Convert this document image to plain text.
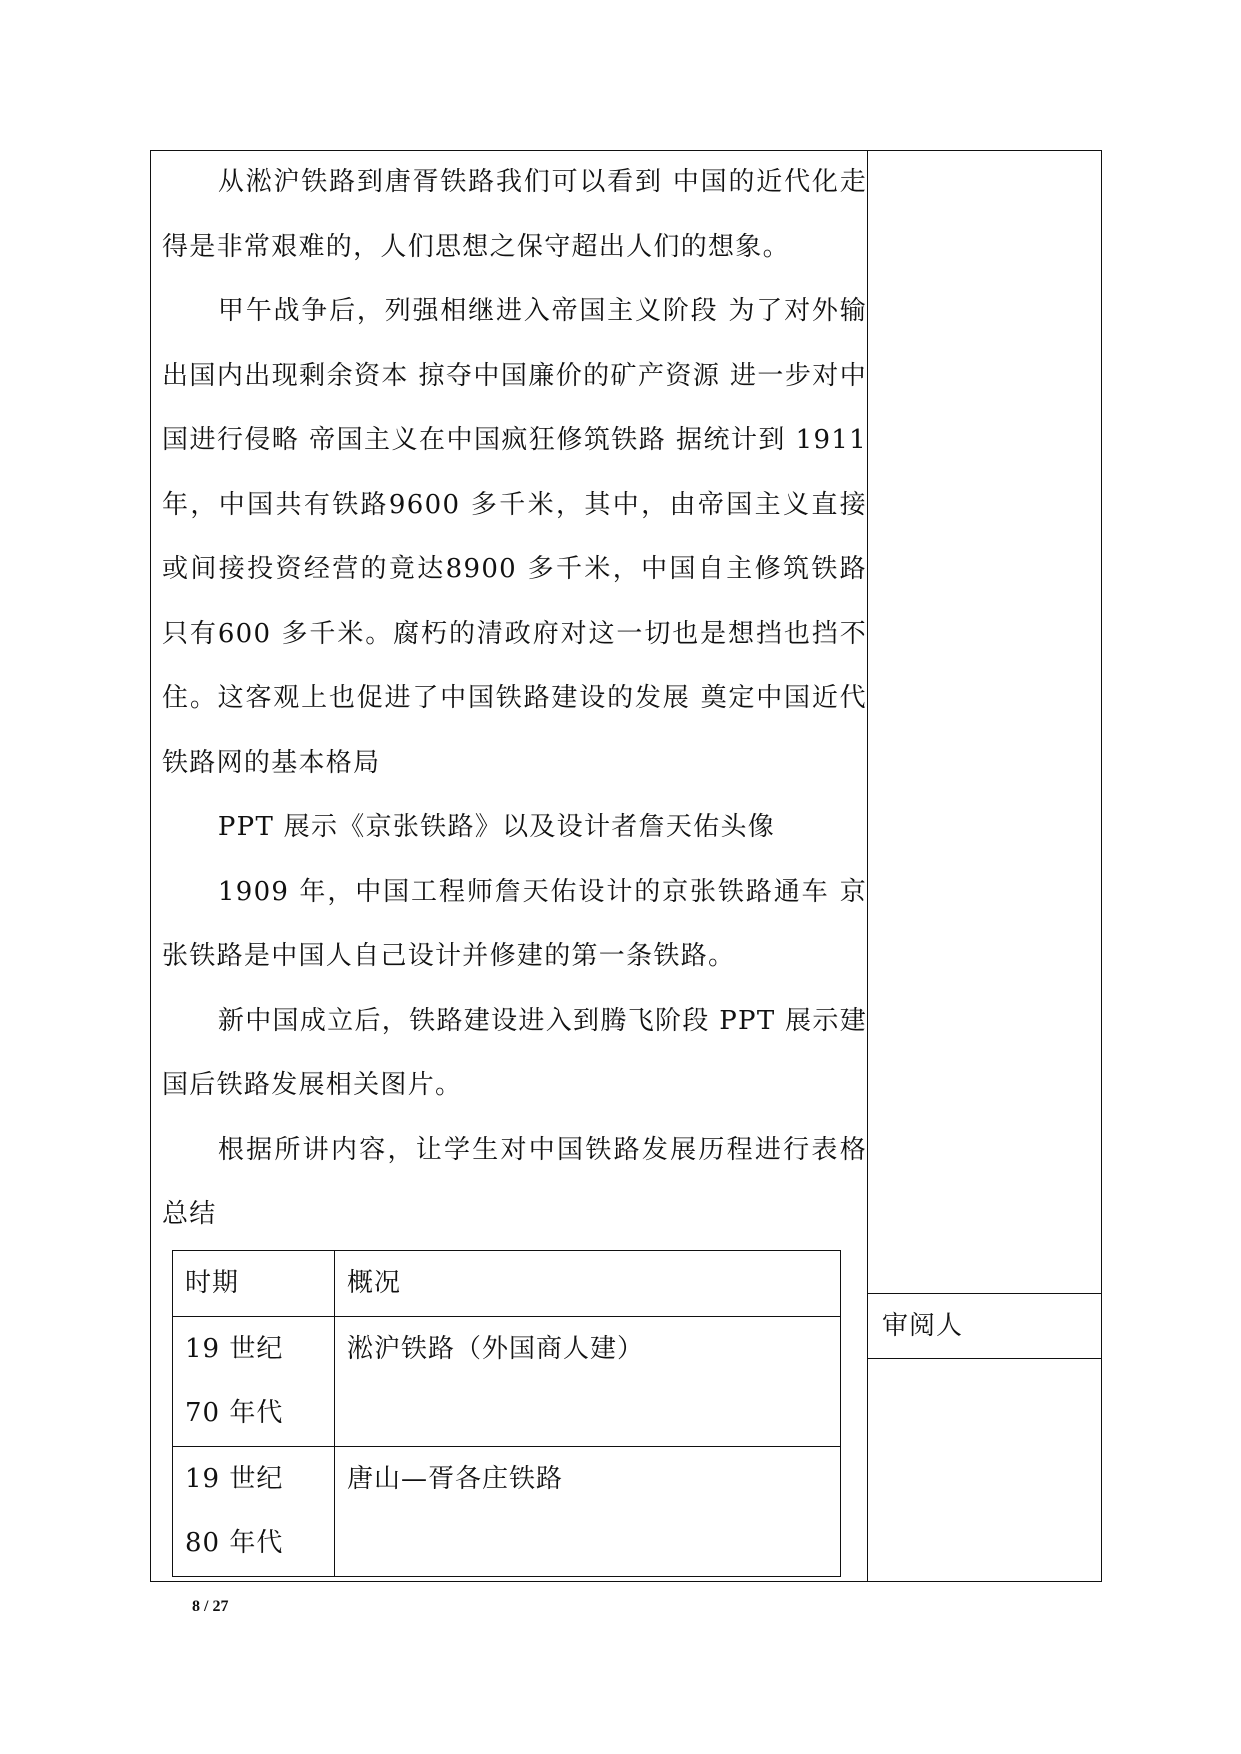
审阅人

从淞沪铁路到唐胥铁路我们可以看到 中国的近代化走得是非常艰难的，人们思想之保守超出人们的想象。

甲午战争后，列强相继进入帝国主义阶段 为了对外输出国内出现剩余资本 掠夺中国廉价的矿产资源 进一步对中国进行侵略 帝国主义在中国疯狂修筑铁路 据统计到 1911 年，中国共有铁路9600 多千米，其中，由帝国主义直接或间接投资经营的竟达8900 多千米，中国自主修筑铁路只有600 多千米。腐朽的清政府对这一切也是想挡也挡不住。这客观上也促进了中国铁路建设的发展 奠定中国近代铁路网的基本格局

PPT 展示《京张铁路》以及设计者詹天佑头像

1909 年，中国工程师詹天佑设计的京张铁路通车 京张铁路是中国人自己设计并修建的第一条铁路。

新中国成立后，铁路建设进入到腾飞阶段 PPT 展示建国后铁路发展相关图片。

根据所讲内容，让学生对中国铁路发展历程进行表格总结

时期	概况
19 世纪 70 年代	淞沪铁路（外国商人建）
19 世纪 80 年代	唐山—胥各庄铁路
8 / 27
